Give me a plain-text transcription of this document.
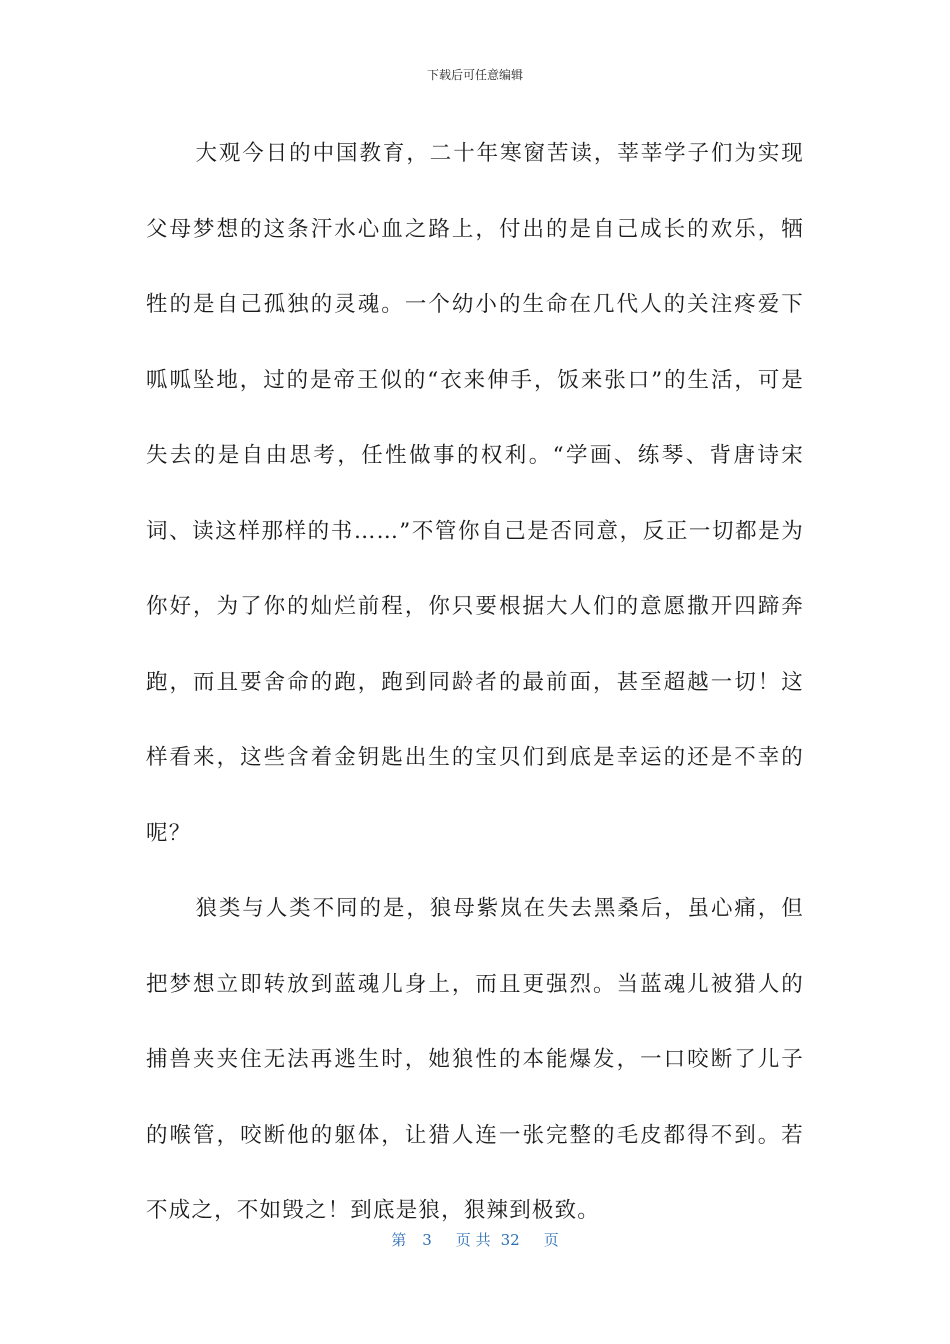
下载后可任意编辑

大观今日的中国教育，二十年寒窗苦读，莘莘学子们为实现父母梦想的这条汗水心血之路上，付出的是自己成长的欢乐，牺牲的是自己孤独的灵魂。一个幼小的生命在几代人的关注疼爱下呱呱坠地，过的是帝王似的“衣来伸手，饭来张口”的生活，可是失去的是自由思考，任性做事的权利。“学画、练琴、背唐诗宋词、读这样那样的书……”不管你自己是否同意，反正一切都是为你好，为了你的灿烂前程，你只要根据大人们的意愿撒开四蹄奔跑，而且要舍命的跑，跑到同龄者的最前面，甚至超越一切！这样看来，这些含着金钥匙出生的宝贝们到底是幸运的还是不幸的呢？

狼类与人类不同的是，狼母紫岚在失去黑桑后，虽心痛，但把梦想立即转放到蓝魂儿身上，而且更强烈。当蓝魂儿被猎人的捕兽夹夹住无法再逃生时，她狼性的本能爆发，一口咬断了儿子的喉管，咬断他的躯体，让猎人连一张完整的毛皮都得不到。若不成之，不如毁之！到底是狼，狠辣到极致。

第 3 页 共 32 页
